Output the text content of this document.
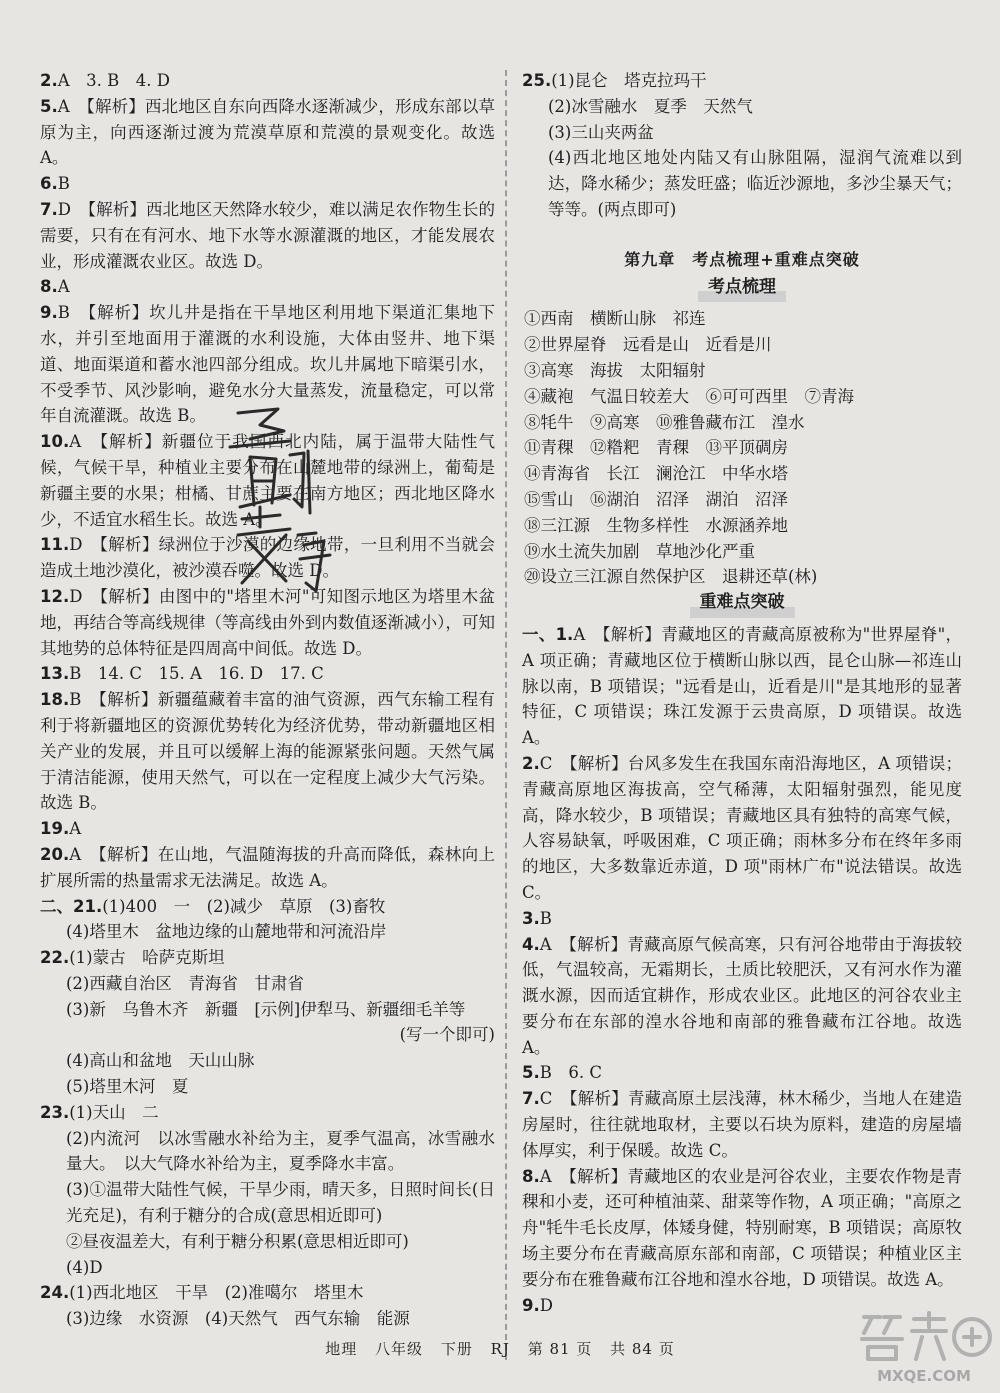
2.A　3. B　4. D

5.A　【解析】西北地区自东向西降水逐渐减少，形成东部以草原为主，向西逐渐过渡为荒漠草原和荒漠的景观变化。故选 A。

6.B

7.D　【解析】西北地区天然降水较少，难以满足农作物生长的需要，只有在有河水、地下水等水源灌溉的地区，才能发展农业，形成灌溉农业区。故选 D。

8.A

9.B　【解析】坎儿井是指在干旱地区利用地下渠道汇集地下水，并引至地面用于灌溉的水利设施，大体由竖井、地下渠道、地面渠道和蓄水池四部分组成。坎儿井属地下暗渠引水，不受季节、风沙影响，避免水分大量蒸发，流量稳定，可以常年自流灌溉。故选 B。

10.A　【解析】新疆位于我国西北内陆，属于温带大陆性气候，气候干旱，种植业主要分布在山麓地带的绿洲上，葡萄是新疆主要的水果；柑橘、甘蔗主要在南方地区；西北地区降水少，不适宜水稻生长。故选 A。

11.D　【解析】绿洲位于沙漠的边缘地带，一旦利用不当就会造成土地沙漠化，被沙漠吞噬。故选 D。

12.D　【解析】由图中的"塔里木河"可知图示地区为塔里木盆地，再结合等高线规律（等高线由外到内数值逐渐减小），可知其地势的总体特征是四周高中间低。故选 D。

13.B　14. C　15. A　16. D　17. C

18.B　【解析】新疆蕴藏着丰富的油气资源，西气东输工程有利于将新疆地区的资源优势转化为经济优势，带动新疆地区相关产业的发展，并且可以缓解上海的能源紧张问题。天然气属于清洁能源，使用天然气，可以在一定程度上减少大气污染。故选 B。

19.A

20.A　【解析】在山地，气温随海拔的升高而降低，森林向上扩展所需的热量需求无法满足。故选 A。

二、21.(1)400　一　(2)减少　草原　(3)畜牧

(4)塔里木　盆地边缘的山麓地带和河流沿岸

22.(1)蒙古　哈萨克斯坦

(2)西藏自治区　青海省　甘肃省

(3)新　乌鲁木齐　新疆　[示例]伊犁马、新疆细毛羊等

(写一个即可)

(4)高山和盆地　天山山脉

(5)塔里木河　夏

23.(1)天山　二

(2)内流河　以冰雪融水补给为主，夏季气温高，冰雪融水量大。　以大气降水补给为主，夏季降水丰富。

(3)①温带大陆性气候，干旱少雨，晴天多，日照时间长(日光充足)，有利于糖分的合成(意思相近即可)

②昼夜温差大，有利于糖分积累(意思相近即可)

(4)D

24.(1)西北地区　干旱　(2)准噶尔　塔里木

(3)边缘　水资源　(4)天然气　西气东输　能源

25.(1)昆仑　塔克拉玛干

(2)冰雪融水　夏季　天然气

(3)三山夹两盆

(4)西北地区地处内陆又有山脉阻隔，湿润气流难以到达，降水稀少；蒸发旺盛；临近沙源地，多沙尘暴天气；等等。(两点即可)

第九章　考点梳理+重难点突破
考点梳理

①西南　横断山脉　祁连

②世界屋脊　远看是山　近看是川

③高寒　海拔　太阳辐射

④藏袍　气温日较差大　⑥可可西里　⑦青海

⑧牦牛　⑨高寒　⑩雅鲁藏布江　湟水

⑪青稞　⑫糌粑　青稞　⑬平顶碉房

⑭青海省　长江　澜沧江　中华水塔

⑮雪山　⑯湖泊　沼泽　湖泊　沼泽

⑱三江源　生物多样性　水源涵养地

⑲水土流失加剧　草地沙化严重

⑳设立三江源自然保护区　退耕还草(林)

重难点突破

一、1.A　【解析】青藏地区的青藏高原被称为"世界屋脊"，A 项正确；青藏地区位于横断山脉以西，昆仑山脉—祁连山脉以南，B 项错误；"远看是山，近看是川"是其地形的显著特征，C 项错误；珠江发源于云贵高原，D 项错误。故选 A。

2.C　【解析】台风多发生在我国东南沿海地区，A 项错误；青藏高原地区海拔高，空气稀薄，太阳辐射强烈，能见度高，降水较少，B 项错误；青藏地区具有独特的高寒气候，人容易缺氧，呼吸困难，C 项正确；雨林多分布在终年多雨的地区，大多数靠近赤道，D 项"雨林广布"说法错误。故选 C。

3.B

4.A　【解析】青藏高原气候高寒，只有河谷地带由于海拔较低，气温较高，无霜期长，土质比较肥沃，又有河水作为灌溉水源，因而适宜耕作，形成农业区。此地区的河谷农业主要分布在东部的湟水谷地和南部的雅鲁藏布江谷地。故选 A。

5.B　6. C

7.C　【解析】青藏高原土层浅薄，林木稀少，当地人在建造房屋时，往往就地取材，主要以石块为原料，建造的房屋墙体厚实，利于保暖。故选 C。

8.A　【解析】青藏地区的农业是河谷农业，主要农作物是青稞和小麦，还可种植油菜、甜菜等作物，A 项正确；"高原之舟"牦牛毛长皮厚，体矮身健，特别耐寒，B 项错误；高原牧场主要分布在青藏高原东部和南部，C 项错误；种植业区主要分布在雅鲁藏布江谷地和湟水谷地，D 项错误。故选 A。

9.D

MXQE.COM
地理 八年级 下册 RJ 第 81 页 共 84 页
